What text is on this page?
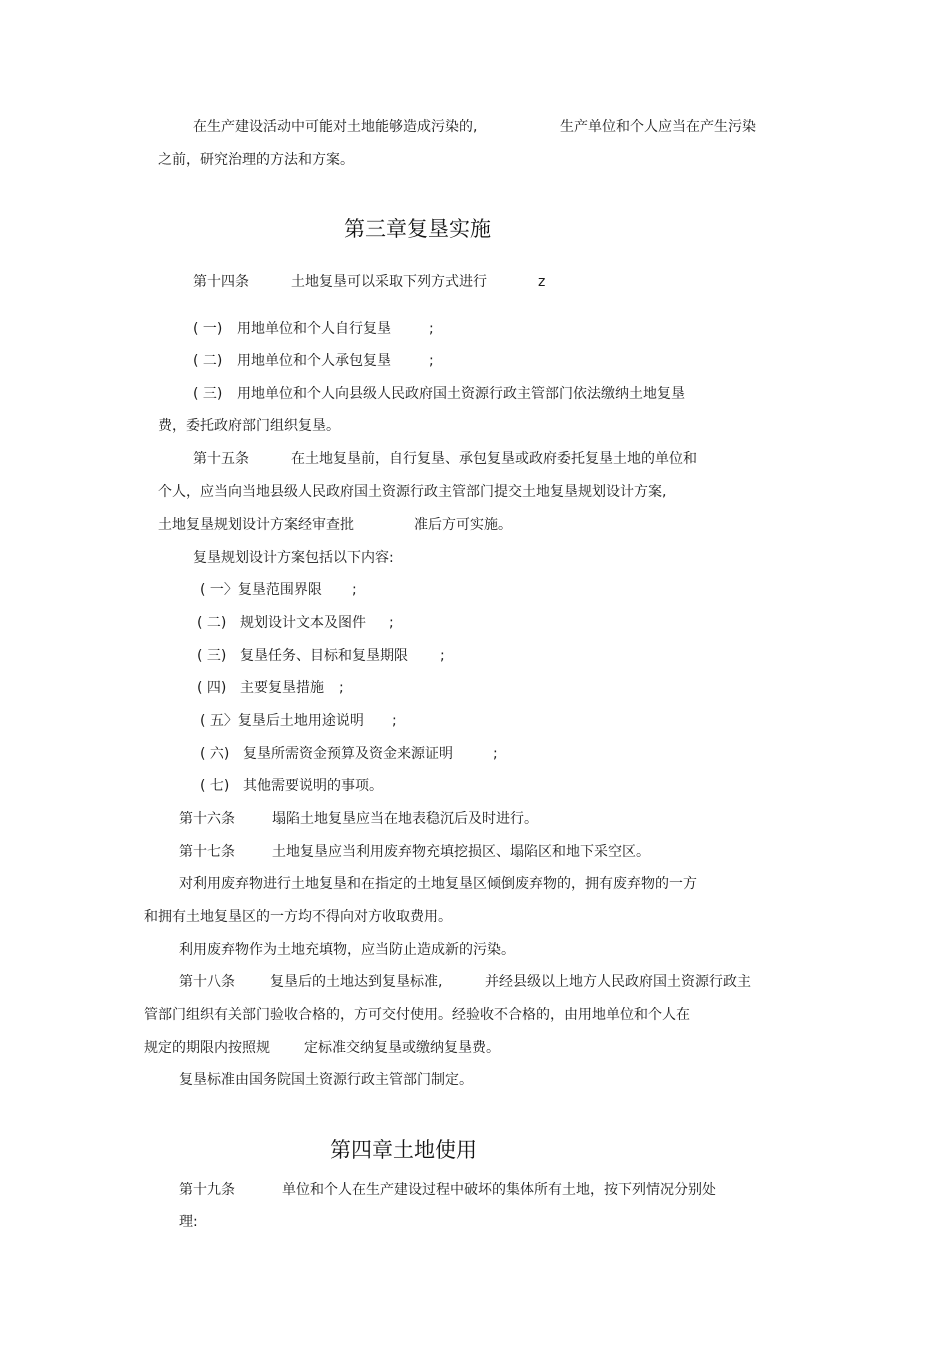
在生产建设活动中可能对土地能够造成污染的,	生产单位和个人应当在产生污染
之前，研究治理的方法和方案。
第三章复垦实施
第十四条	土地复垦可以采取下列方式进行	z
( 一) 用地单位和个人自行复垦	;
( 二) 用地单位和个人承包复垦	;
( 三) 用地单位和个人向县级人民政府国土资源行政主管部门依法缴纳土地复垦
费，委托政府部门组织复垦。
第十五条	在土地复垦前，自行复垦、承包复垦或政府委托复垦土地的单位和
个人，应当向当地县级人民政府国土资源行政主管部门提交土地复垦规划设计方案,
土地复垦规划设计方案经审查批	准后方可实施。
复垦规划设计方案包括以下内容:
( 一〉复垦范围界限 ;
( 二) 规划设计文本及图件 ;
( 三) 复垦任务、目标和复垦期限 ;
( 四) 主要复垦措施 ;
( 五〉复垦后土地用途说明 ;
( 六) 复垦所需资金预算及资金来源证明	;
( 七) 其他需要说明的事项。
第十六条	塌陷土地复垦应当在地表稳沉后及时进行。
第十七条	土地复垦应当利用废弃物充填挖损区、塌陷区和地下采空区。
对利用废弃物进行土地复垦和在指定的土地复垦区倾倒废弃物的，拥有废弃物的一方
和拥有土地复垦区的一方均不得向对方收取费用。
利用废弃物作为土地充填物，应当防止造成新的污染。
第十八条	复垦后的土地达到复垦标准,	并经县级以上地方人民政府国土资源行政主
管部门组织有关部门验收合格的，方可交付使用。经验收不合格的，由用地单位和个人在
规定的期限内按照规 定标准交纳复垦或缴纳复垦费。
复垦标准由国务院国土资源行政主管部门制定。
第四章土地使用
第十九条	单位和个人在生产建设过程中破坏的集体所有土地，按下列情况分别处
理:
